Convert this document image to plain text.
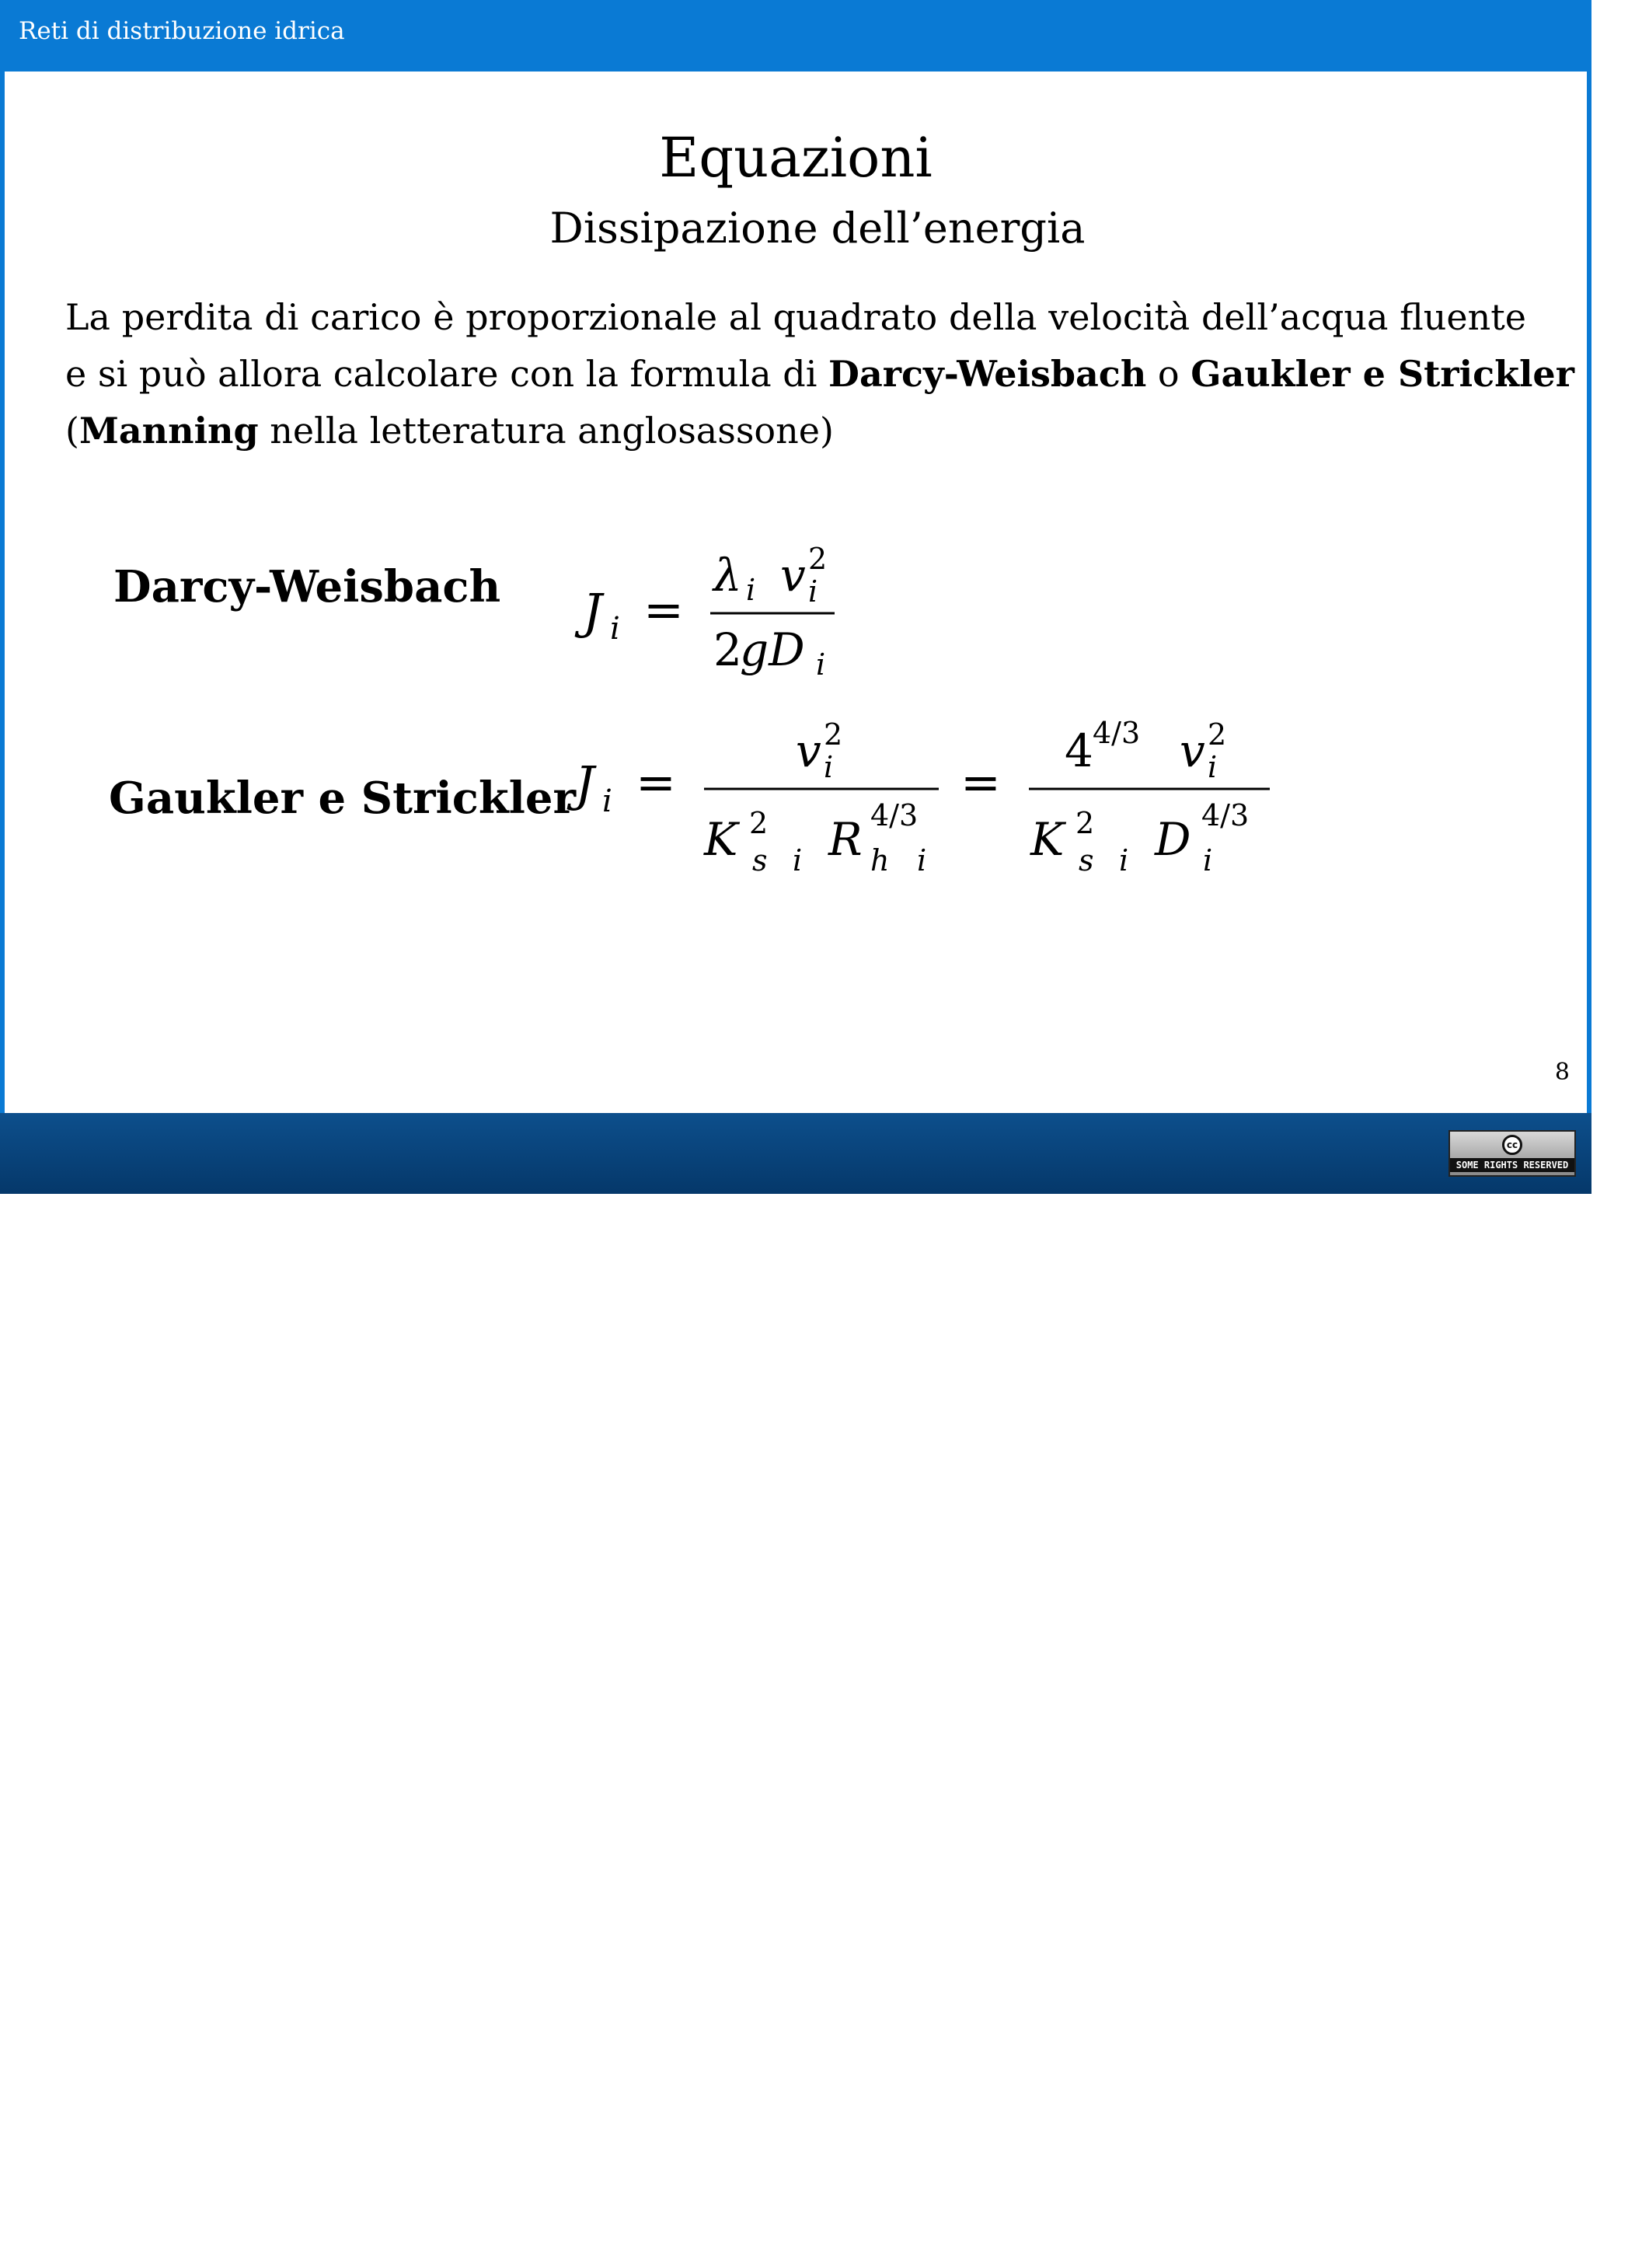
Reti di distribuzione idrica
Equazioni
Dissipazione dell’energia
La perdita di carico è proporzionale al quadrato della velocità dell’acqua fluente
e si può allora calcolare con la formula di Darcy-Weisbach o Gaukler e Strickler
(Manning nella letteratura anglosassone)
Darcy-Weisbach
Gaukler e Strickler
J i =
λ i v i
2
2
gD i
J i =
v i
2
K 2
s i R 4/3
h i
=
4 4/3 v i
2
K 2
s i D 4/3
i
8
Riccardo Rigon
cc
SOME RIGHTS RESERVED
